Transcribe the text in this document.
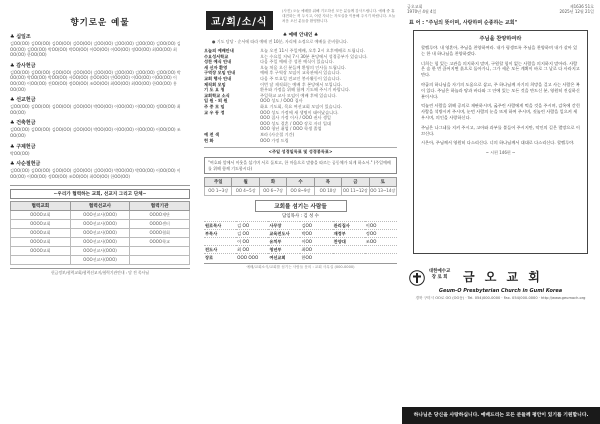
향기로운 예물
♣ 십일조
김OO(OO) 김OO(OO) 김OO(OO) 김OO(OO) 김OO(OO) 김OO(OO) 김OO(OO) 김OO(OO) 김OO(OO) 김OO(OO) 박OO(OO) 박OO(OO) 이OO(OO) 이OO(OO) 정OO(OO) 최OO(OO) 최OO(OO) 한OO(OO)
♣ 감사헌금
김OO(OO) 김OO(OO) 김OO(OO) 김OO(OO) 김OO(OO) 김OO(OO) 김OO(OO) 김OO(OO) 박OO(OO) 박OO(OO) 박OO(OO) 서OO(OO) 송OO(OO) 안OO(OO) 이OO(OO) 이OO(OO) 이OO(OO) 이OO(OO) 전OO(OO) 정OO(OO) 조OO(OO) 최OO(OO) 최OO(OO) 한OO(OO) 홍OO(OO)
♣ 선교헌금
김OO(OO) 김OO(OO) 김OO(OO) 김OO(OO) 박OO(OO) 이OO(OO) 이OO(OO) 정OO(OO) 최OO(OO)
♣ 건축헌금
김OO(OO) 김OO(OO) 김OO(OO) 김OO(OO) 박OO(OO) 이OO(OO) 이OO(OO) 이OO(OO) 조OO(OO)
♣ 구제헌금
박OO(OO)
♣ 사순절헌금
김OO(OO) 김OO(OO) 김OO(OO) 김OO(OO) 김OO(OO) 박OO(OO) 박OO(OO) 이OO(OO) 이OO(OO) 이OO(OO) 정OO(OO) 조OO(OO) 최OO(OO) 한OO(OO)
~우리가 협력하는 교회, 선교지 그리고 단체~
협력교회	협력선교사	협력기관
OOOO교회	OOO선교사(OOO)	OOOO재단
OOOO교회	OOO선교사(OOO)	OOOO센터
OOOO교회	OOO선교사(OOO)	OOOO협회
OOOO교회	OOO선교사(OOO)	OOOO학교
OOOO교회	OOO선교사(OOO)	
	OOO선교사(OOO)	
헌금정보/협력교회/협력선교지/협력기관안내 : 담 전 목사님
교/회/소/식
(사진) 오늘 예배를 위해 기도하신 모든 분들께 감사드립니다. 예배 중 휴대전화는 꺼 두시고, 어린 자녀는 자모실을 이용해 주시기 바랍니다. 오늘 처음 오신 분들을 환영합니다.
♣ 예배 안내인 ♣
● 기도 담당 - 순서에 따라 예배 전 10분, 자리에 소정으로 예배를 준비합니다.
오늘의 예배안내	오늘 오전 11시 주일예배, 오후 2시 오후예배로 드립니다.
수요성서학교	오는 수요일 저녁 7시 30분 본당에서 성경공부가 있습니다.
성찬 예식 안내	다음 주일 예배 중 성찬 예식이 있습니다.
새 신자 환영	오늘 처음 오신 분들께 환영의 인사를 드립니다.
구역장 모임 안내	예배 후 구역장 모임이 교육관에서 있습니다.
교회 행사 안내	다음 주 토요일 전교인 봉사활동이 있습니다.
제직회 모임	이번 달 제직회는 예배 후 본당에서 모입니다.
기 도 요 청	환우와 가정을 위해 함께 기도해 주시기 바랍니다.
교회학교 소식	주일학교 교사 모임이 예배 후에 있습니다.
입 원 · 퇴 원	OOO 성도 / OOO 집사
주 중 모 임	화요 기도회, 목요 여선교회 모임이 있습니다.
교 우 동 정	OOO 성도 가정에 새 생명이 태어났습니다.
OOO 집사 가정 이사 / OOO 권사 생일
OOO 성도 결혼 / OOO 장로 자녀 입대
OOO 청년 취업 / OOO 학생 졸업
예 전 색	보라 (사순절 기간)
헌 화	OOO 가정 드림
<주일 성경일독표 및 성경봉독표>
"여호와 앞에서 이웃을 섬기며 서로 돌보고, 한 마음으로 말씀을 따르는 공동체가 되게 하소서." (주일예배를 위해 함께 기도합시다)
주일	월	화	수	목	금	토
OO 1~3장	OO 4~5장	OO 6~7장	OO 8~9장	OO 10장	OO 11~12장	OO 13~14장
교회를 섬기는 사람들
담임목사 : 김 성 수
원로목사	김 OO	사무장	김OO	관리집사	이OO
부목사	김 OO	교육전도사	박OO	재정부	정OO
	이 OO	유치부	이OO	찬양대	조OO
전도사	최 OO	청년부	최OO		
장로	OOO OOO	여선교회	한OO		
예배/교회소식/교회를 섬기는 사람들 문의 : 교회 사무실 (000-0000)
금오교회
1970년 4월 4일
제1636 51호
2025년 12월 21일
표 어 : "주님의 뜻이며, 사랑하며 순종하는 교회"
주님을 찬양하여라

할렐루야. 내 영혼아, 주님을 찬양하여라. 내가 평생토록 주님을 찬양하며 내가 살아 있는 한 내 하나님을 찬양하겠다.

너희는 힘 있는 고관을 의지하지 말며, 구원할 힘이 없는 사람을 의지하지 말아라. 사람은 숨 한 번 끊어지면 흙으로 돌아가니, 그가 세운 모든 계획이 바로 그 날로 다 사라지고 만다.

야곱의 하나님을 자기의 도움으로 삼고, 주 하나님께 자기의 희망을 걸고 사는 사람은 복이 있다. 주님은 하늘과 땅과 바다와 그 안에 있는 모든 것을 만드신 분, 영원히 진실하신 분이시다.

억눌린 사람을 위해 공의로 재판하시며, 굶주린 사람에게 먹을 것을 주시며, 감옥에 갇힌 사람을 석방시켜 주시며, 눈먼 사람의 눈을 뜨게 하여 주시며, 짓눌린 사람을 일으켜 세우시며, 의인을 사랑하신다.

주님은 나그네를 지켜 주시고, 고아와 과부를 붙들어 주시지만, 악인의 길은 멸망으로 이끄신다.

시온아, 주님께서 영원히 다스리신다. 너의 하나님께서 대대로 다스리신다. 할렐루야.

~ 시편 146편 ~
대한예수교
장 로 회 금 오 교 회
Geum-O Presbyterian Church in Gumi Korea
경북 구미시 OO로 OO (OO동) · Tel. 054)000-0000 · Fax. 054)000-0000 · http://www.geumoch.org
하나님은 당신을 사랑하십니다. 예배드리는 모든 분들께 평안이 있기를 기원합니다.
